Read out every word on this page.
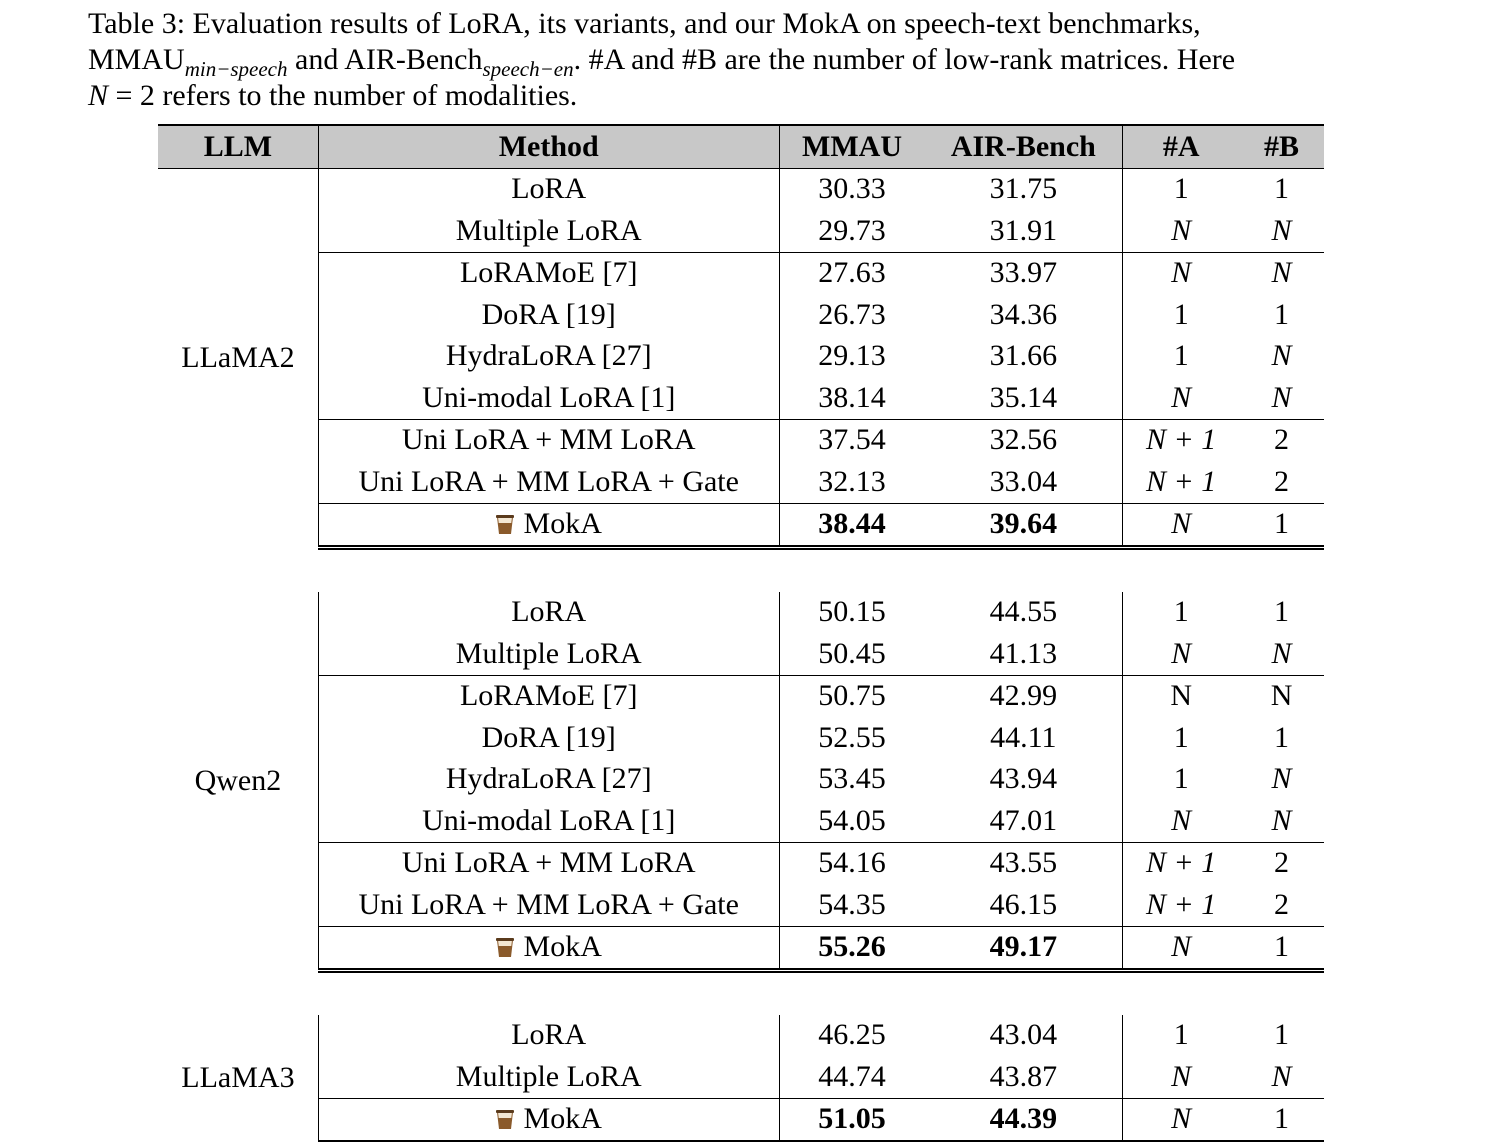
Table 3: Evaluation results of LoRA, its variants, and our MokA on speech-text benchmarks,
$MMAU_{min-speech}$ and AIR-Bench$_{speech-en}$. #A and #B are the number of low-rank matrices. Here
N = 2 refers to the number of modalities.
LLM	Method	MMAU	AIR-Bench	#A	#B
LLaMA2	LoRA	30.33	31.75	1	1
	Multiple LoRA	29.73	31.91	N	N
	LoRAMoE [7]	27.63	33.97	N	N
	DoRA [19]	26.73	34.36	1	1
	HydraLoRA [27]	29.13	31.66	1	N
	Uni-modal LoRA [1]	38.14	35.14	N	N
	Uni LoRA + MM LoRA	37.54	32.56	N + 1	2
	Uni LoRA + MM LoRA + Gate	32.13	33.04	N + 1	2
	MokA	38.44	39.64	N	1

Qwen2	LoRA	50.15	44.55	1	1
	Multiple LoRA	50.45	41.13	N	N
	LoRAMoE [7]	50.75	42.99	N	N
	DoRA [19]	52.55	44.11	1	1
	HydraLoRA [27]	53.45	43.94	1	N
	Uni-modal LoRA [1]	54.05	47.01	N	N
	Uni LoRA + MM LoRA	54.16	43.55	N + 1	2
	Uni LoRA + MM LoRA + Gate	54.35	46.15	N + 1	2
	MokA	55.26	49.17	N	1

LLaMA3	LoRA	46.25	43.04	1	1
	Multiple LoRA	44.74	43.87	N	N
	MokA	51.05	44.39	N	1
